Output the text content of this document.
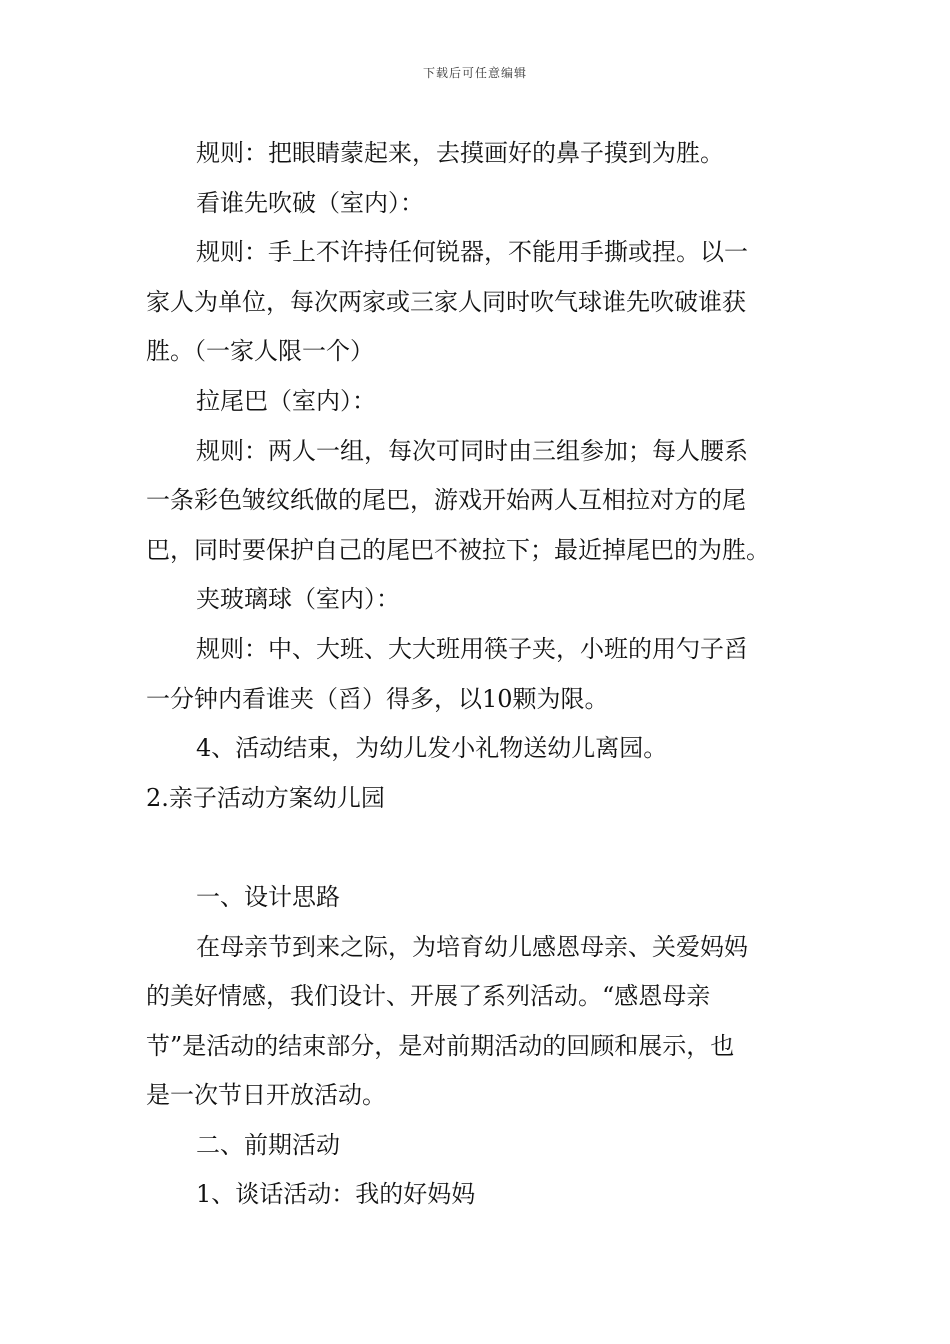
下载后可任意编辑

规则：把眼睛蒙起来，去摸画好的鼻子摸到为胜。

看谁先吹破（室内）：

规则：手上不许持任何锐器，不能用手撕或捏。以一

家人为单位，每次两家或三家人同时吹气球谁先吹破谁获

胜。（一家人限一个）

拉尾巴（室内）：

规则：两人一组，每次可同时由三组参加；每人腰系

一条彩色皱纹纸做的尾巴，游戏开始两人互相拉对方的尾

巴，同时要保护自己的尾巴不被拉下；最近掉尾巴的为胜。

夹玻璃球（室内）：

规则：中、大班、大大班用筷子夹，小班的用勺子舀

一分钟内看谁夹（舀）得多，以10颗为限。

4、活动结束，为幼儿发小礼物送幼儿离园。

2.亲子活动方案幼儿园

一、设计思路

在母亲节到来之际，为培育幼儿感恩母亲、关爱妈妈

的美好情感，我们设计、开展了系列活动。“感恩母亲

节”是活动的结束部分，是对前期活动的回顾和展示，也

是一次节日开放活动。

二、前期活动

1、谈话活动：我的好妈妈
